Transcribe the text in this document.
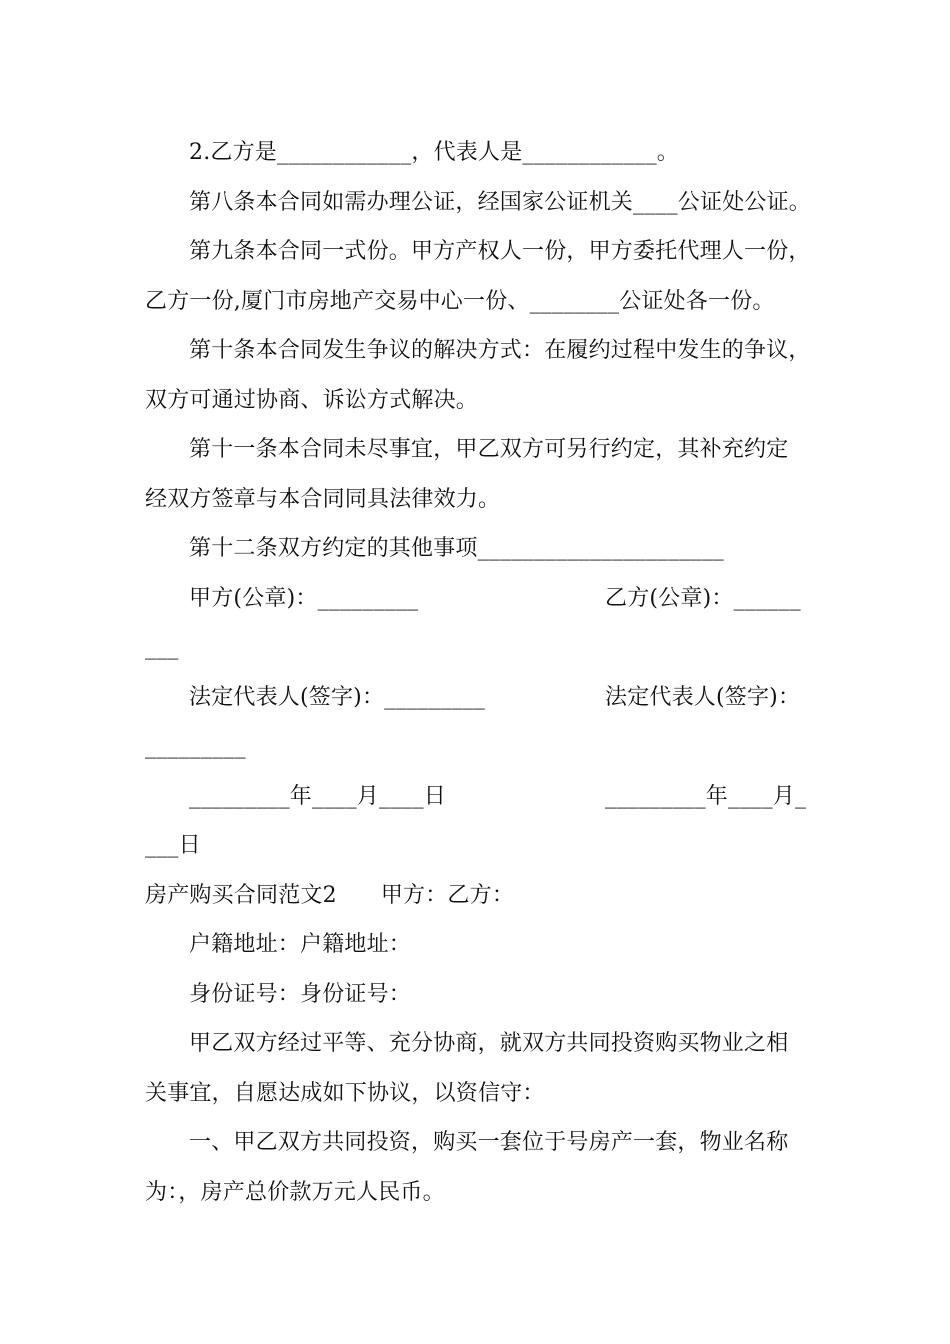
2.乙方是____________，代表人是____________。
第八条本合同如需办理公证，经国家公证机关____公证处公证。
第九条本合同一式份。甲方产权人一份，甲方委托代理人一份，
乙方一份,厦门市房地产交易中心一份、________公证处各一份。
第十条本合同发生争议的解决方式：在履约过程中发生的争议，
双方可通过协商、诉讼方式解决。
第十一条本合同未尽事宜，甲乙双方可另行约定，其补充约定
经双方签章与本合同同具法律效力。
第十二条双方约定的其他事项______________________
甲方(公章)：_________	乙方(公章)：______
___
法定代表人(签字)：_________	法定代表人(签字)：
_________
_________年____月____日	_________年____月_
___日
房产购买合同范文2 甲方：乙方：
户籍地址：户籍地址：
身份证号：身份证号：
甲乙双方经过平等、充分协商，就双方共同投资购买物业之相
关事宜，自愿达成如下协议，以资信守：
一、甲乙双方共同投资，购买一套位于号房产一套，物业名称
为：，房产总价款万元人民币。
